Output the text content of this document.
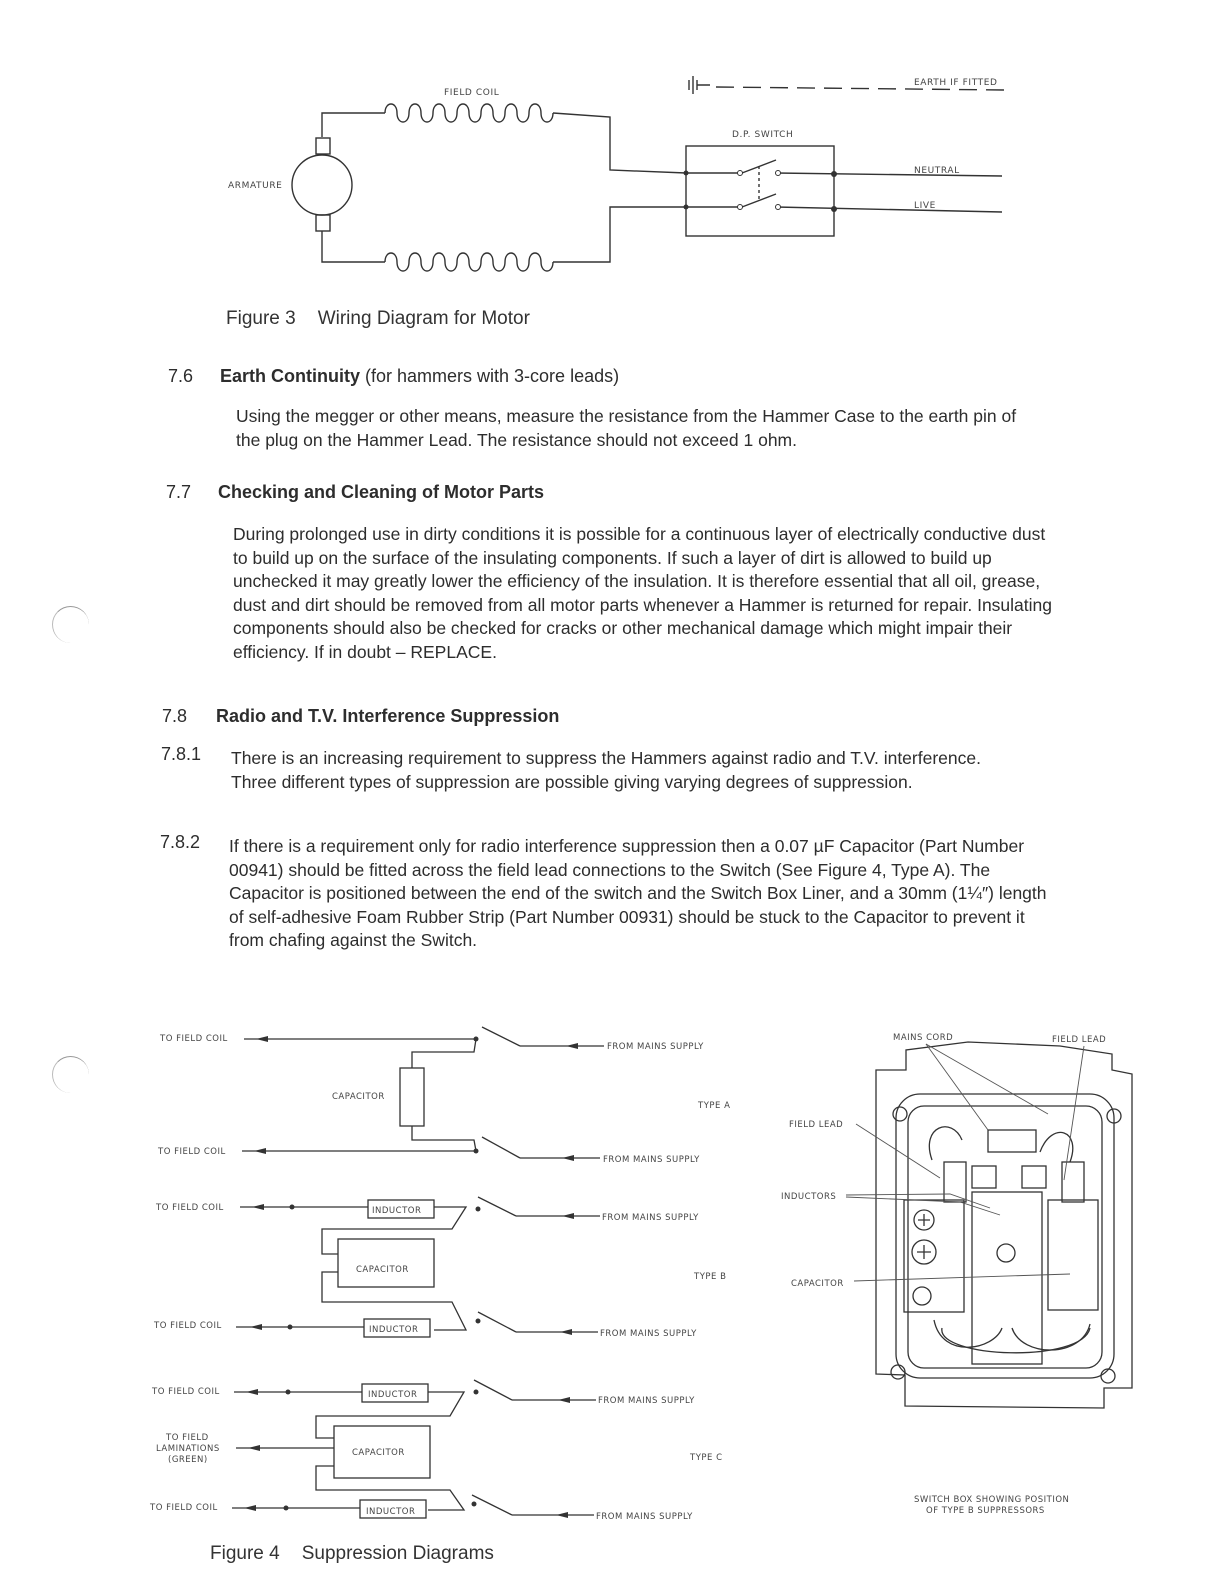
FIELD COIL
ARMATURE
EARTH IF FITTED
D.P. SWITCH
NEUTRAL
LIVE
Figure 3 Wiring Diagram for Motor
7.6	Earth Continuity (for hammers with 3-core leads)
Using the megger or other means, measure the resistance from the Hammer Case to the earth pin of the plug on the Hammer Lead. The resistance should not exceed 1 ohm.
7.7	Checking and Cleaning of Motor Parts
During prolonged use in dirty conditions it is possible for a continuous layer of electrically conductive dust to build up on the surface of the insulating components. If such a layer of dirt is allowed to build up unchecked it may greatly lower the efficiency of the insulation. It is therefore essential that all oil, grease, dust and dirt should be removed from all motor parts whenever a Hammer is returned for repair. Insulating components should also be checked for cracks or other mechanical damage which might impair their efficiency. If in doubt – REPLACE.
7.8	Radio and T.V. Interference Suppression
7.8.1	There is an increasing requirement to suppress the Hammers against radio and T.V. interference. Three different types of suppression are possible giving varying degrees of suppression.
7.8.2	If there is a requirement only for radio interference suppression then a 0.07 µF Capacitor (Part Number 00941) should be fitted across the field lead connections to the Switch (See Figure 4, Type A). The Capacitor is positioned between the end of the switch and the Switch Box Liner, and a 30mm (1¼″) length of self-adhesive Foam Rubber Strip (Part Number 00931) should be stuck to the Capacitor to prevent it from chafing against the Switch.
TO FIELD COIL
TO FIELD COIL
TO FIELD COIL
TO FIELD COIL
TO FIELD COIL
TO FIELD COIL
TO FIELD
LAMINATIONS
(GREEN)
FROM MAINS SUPPLY
FROM MAINS SUPPLY
FROM MAINS SUPPLY
FROM MAINS SUPPLY
FROM MAINS SUPPLY
FROM MAINS SUPPLY
CAPACITOR
INDUCTOR
CAPACITOR
INDUCTOR
INDUCTOR
CAPACITOR
INDUCTOR
TYPE A
TYPE B
TYPE C
MAINS CORD	FIELD LEAD
FIELD LEAD
INDUCTORS
CAPACITOR
SWITCH BOX SHOWING POSITION
OF TYPE B SUPPRESSORS
Figure 4 Suppression Diagrams
